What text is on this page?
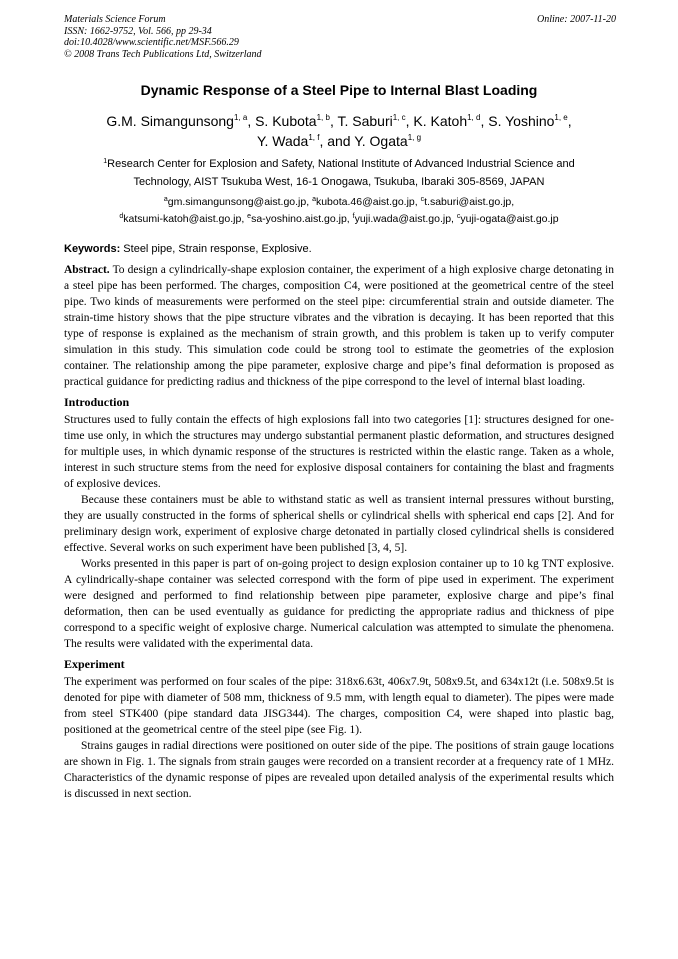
Materials Science Forum
ISSN: 1662-9752, Vol. 566, pp 29-34
doi:10.4028/www.scientific.net/MSF.566.29
© 2008 Trans Tech Publications Ltd, Switzerland
Online: 2007-11-20
Dynamic Response of a Steel Pipe to Internal Blast Loading
G.M. Simangunsong$^{1, a}$, S. Kubota$^{1, b}$, T. Saburi$^{1, c}$, K. Katoh$^{1, d}$, S. Yoshino$^{1, e}$,
Y. Wada$^{1, f}$, and Y. Ogata$^{1, g}$
$^1$Research Center for Explosion and Safety, National Institute of Advanced Industrial Science and
Technology, AIST Tsukuba West, 16-1 Onogawa, Tsukuba, Ibaraki 305-8569, JAPAN
$^a$gm.simangunsong@aist.go.jp, $^a$kubota.46@aist.go.jp, $^c$t.saburi@aist.go.jp,
$^d$katsumi-katoh@aist.go.jp, $^e$sa-yoshino.aist.go.jp, $^f$yuji.wada@aist.go.jp, $^c$yuji-ogata@aist.go.jp
Keywords: Steel pipe, Strain response, Explosive.

Abstract. To design a cylindrically-shape explosion container, the experiment of a high explosive charge detonating in a steel pipe has been performed. The charges, composition C4, were positioned at the geometrical centre of the steel pipe. Two kinds of measurements were performed on the steel pipe: circumferential strain and outside diameter. The strain-time history shows that the pipe structure vibrates and the vibration is decaying. It has been reported that this type of response is explained as the mechanism of strain growth, and this problem is taken up to verify computer simulation in this study. This simulation code could be strong tool to estimate the geometries of the explosion container. The relationship among the pipe parameter, explosive charge and pipe’s final deformation is proposed as practical guidance for predicting radius and thickness of the pipe correspond to the level of internal blast loading.

Introduction

Structures used to fully contain the effects of high explosions fall into two categories [1]: structures designed for one-time use only, in which the structures may undergo substantial permanent plastic deformation, and structures designed for multiple uses, in which dynamic response of the structures is restricted within the elastic range. Taken as a whole, interest in such structure stems from the need for explosive disposal containers for containing the blast and fragments of explosive devices.

Because these containers must be able to withstand static as well as transient internal pressures without bursting, they are usually constructed in the forms of spherical shells or cylindrical shells with spherical end caps [2]. And for preliminary design work, experiment of explosive charge detonated in partially closed cylindrical shells is considered effective. Several works on such experiment have been published [3, 4, 5].

Works presented in this paper is part of on-going project to design explosion container up to 10 kg TNT explosive. A cylindrically-shape container was selected correspond with the form of pipe used in experiment. The experiment were designed and performed to find relationship between pipe parameter, explosive charge and pipe’s final deformation, then can be used eventually as guidance for predicting the appropriate radius and thickness of pipe correspond to a specific weight of explosive charge. Numerical calculation was attempted to simulate the phenomena. The results were validated with the experimental data.

Experiment

The experiment was performed on four scales of the pipe: 318x6.63t, 406x7.9t, 508x9.5t, and 634x12t (i.e. 508x9.5t is denoted for pipe with diameter of 508 mm, thickness of 9.5 mm, with length equal to diameter). The pipes were made from steel STK400 (pipe standard data JISG344). The charges, composition C4, were shaped into plastic bag, positioned at the geometrical centre of the steel pipe (see Fig. 1).

Strains gauges in radial directions were positioned on outer side of the pipe. The positions of strain gauge locations are shown in Fig. 1. The signals from strain gauges were recorded on a transient recorder at a frequency rate of 1 MHz. Characteristics of the dynamic response of pipes are revealed upon detailed analysis of the experimental results which is discussed in next section.
